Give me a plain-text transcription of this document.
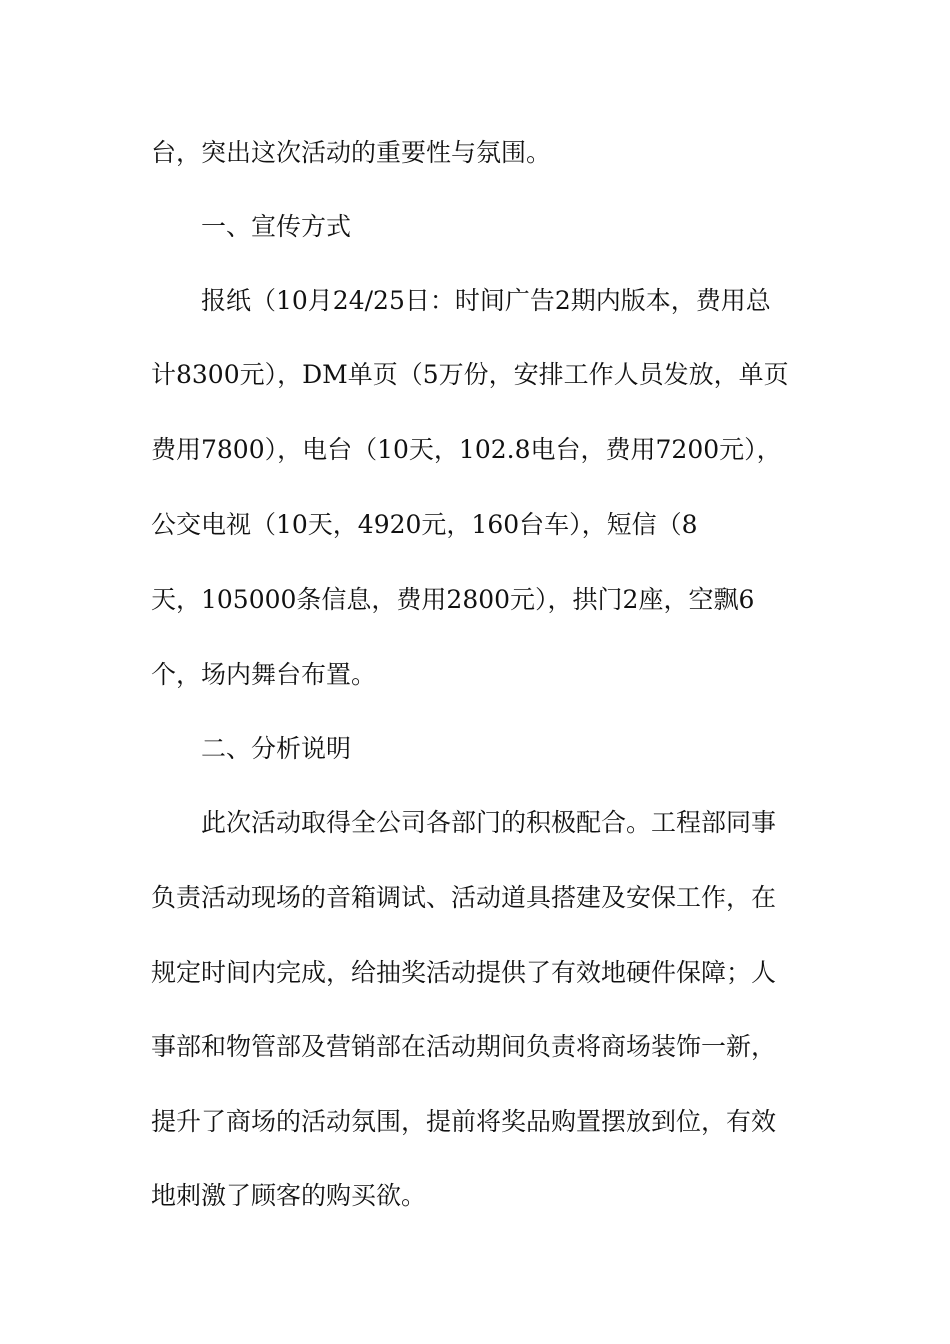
台，突出这次活动的重要性与氛围。
一、宣传方式
报纸（10月24/25日：时间广告2期内版本，费用总
计8300元），DM单页（5万份，安排工作人员发放，单页
费用7800），电台（10天，102.8电台，费用7200元），
公交电视（10天，4920元，160台车），短信（8
天，105000条信息，费用2800元），拱门2座，空飘6
个，场内舞台布置。
二、分析说明
此次活动取得全公司各部门的积极配合。工程部同事
负责活动现场的音箱调试、活动道具搭建及安保工作，在
规定时间内完成，给抽奖活动提供了有效地硬件保障；人
事部和物管部及营销部在活动期间负责将商场装饰一新，
提升了商场的活动氛围，提前将奖品购置摆放到位，有效
地刺激了顾客的购买欲。
